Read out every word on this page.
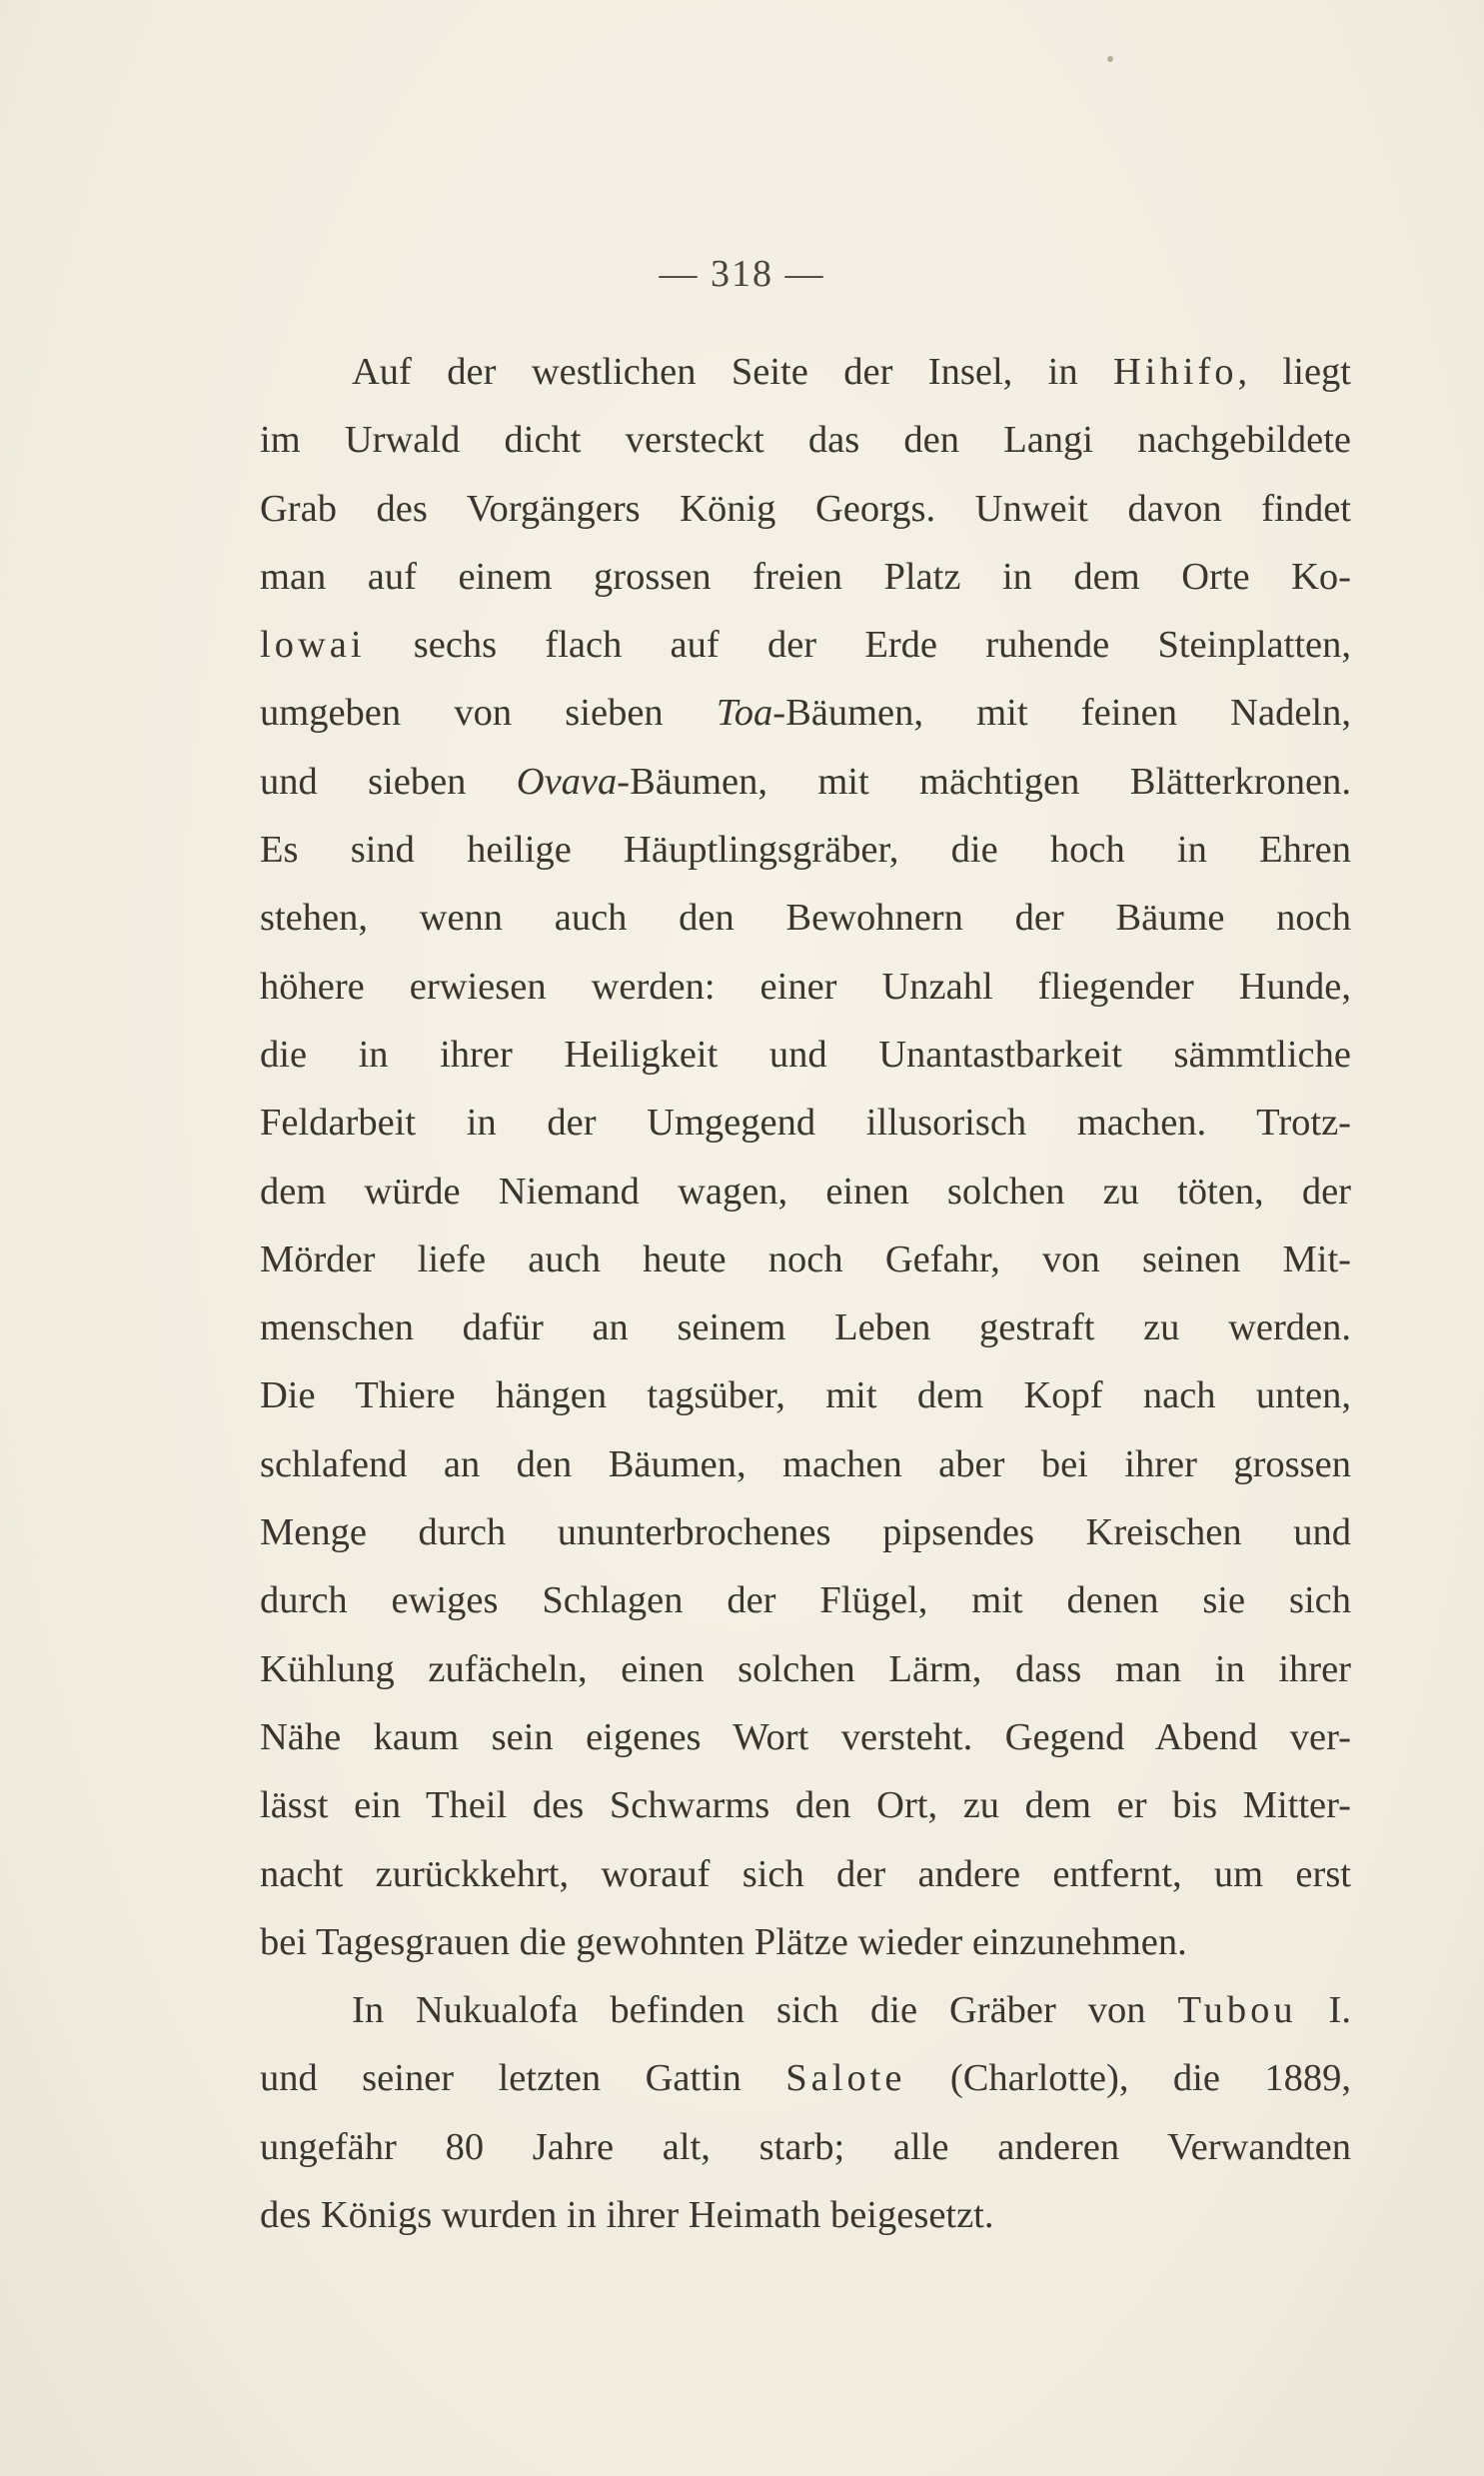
— 318 —
Auf der westlichen Seite der Insel, in Hihifo, liegt
im Urwald dicht versteckt das den Langi nachgebildete
Grab des Vorgängers König Georgs. Unweit davon findet
man auf einem grossen freien Platz in dem Orte Ko-
lowai sechs flach auf der Erde ruhende Steinplatten,
umgeben von sieben Toa-Bäumen, mit feinen Nadeln,
und sieben Ovava-Bäumen, mit mächtigen Blätterkronen.
Es sind heilige Häuptlingsgräber, die hoch in Ehren
stehen, wenn auch den Bewohnern der Bäume noch
höhere erwiesen werden: einer Unzahl fliegender Hunde,
die in ihrer Heiligkeit und Unantastbarkeit sämmtliche
Feldarbeit in der Umgegend illusorisch machen. Trotz-
dem würde Niemand wagen, einen solchen zu töten, der
Mörder liefe auch heute noch Gefahr, von seinen Mit-
menschen dafür an seinem Leben gestraft zu werden.
Die Thiere hängen tagsüber, mit dem Kopf nach unten,
schlafend an den Bäumen, machen aber bei ihrer grossen
Menge durch ununterbrochenes pipsendes Kreischen und
durch ewiges Schlagen der Flügel, mit denen sie sich
Kühlung zufächeln, einen solchen Lärm, dass man in ihrer
Nähe kaum sein eigenes Wort versteht. Gegend Abend ver-
lässt ein Theil des Schwarms den Ort, zu dem er bis Mitter-
nacht zurückkehrt, worauf sich der andere entfernt, um erst
bei Tagesgrauen die gewohnten Plätze wieder einzunehmen.
In Nukualofa befinden sich die Gräber von Tubou I.
und seiner letzten Gattin Salote (Charlotte), die 1889,
ungefähr 80 Jahre alt, starb; alle anderen Verwandten
des Königs wurden in ihrer Heimath beigesetzt.
